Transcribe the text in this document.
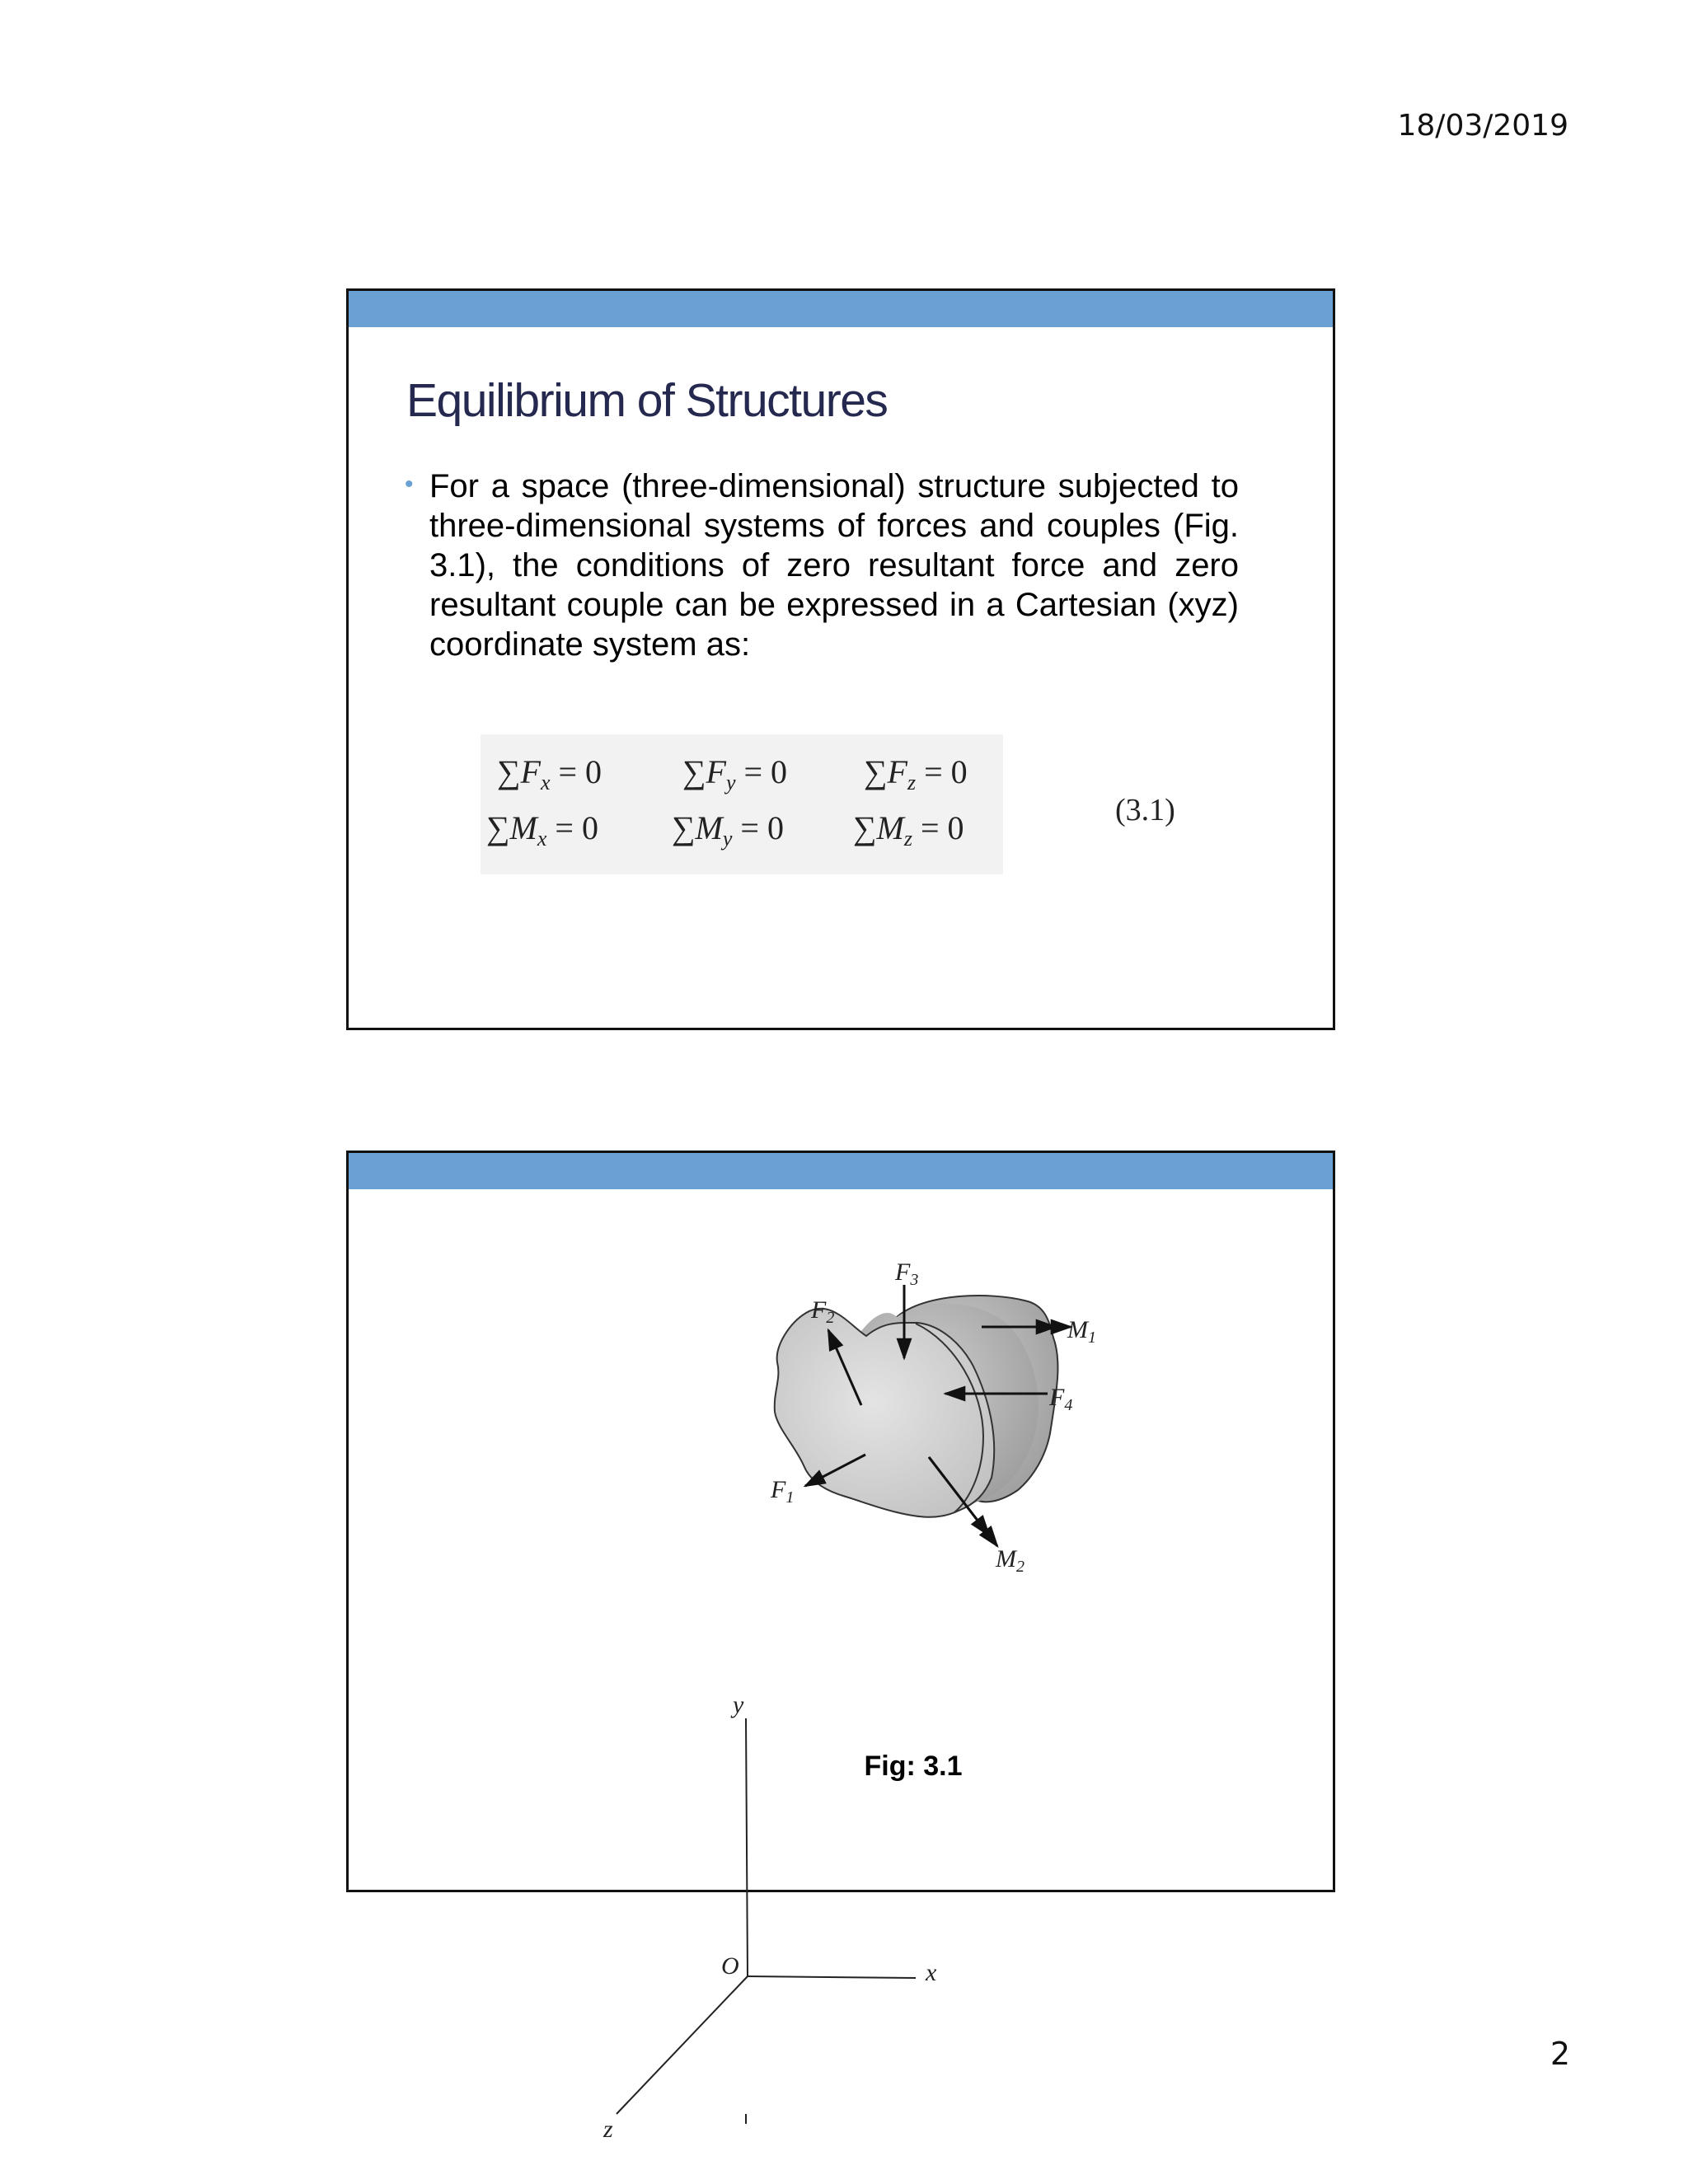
18/03/2019
Equilibrium of Structures
• For a space (three-dimensional) structure subjected to three-dimensional systems of forces and couples (Fig. 3.1), the conditions of zero resultant force and zero resultant couple can be expressed in a Cartesian (xyz) coordinate system as:
$\sum F_x = 0$ $\sum F_y = 0$ $\sum F_z = 0$
$\sum M_x = 0$ $\sum M_y = 0$ $\sum M_z = 0$	(3.1)
y
x
z
O
$F_1$
$F_2$
$F_3$
$F_4$
$M_1$
$M_2$
Fig: 3.1
2
